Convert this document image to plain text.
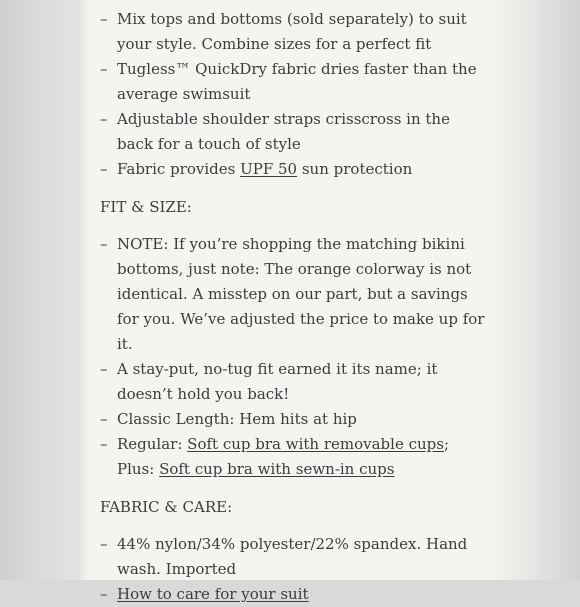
– Mix tops and bottoms (sold separately) to suit your style. Combine sizes for a perfect fit
– Tugless™ QuickDry fabric dries faster than the average swimsuit
– Adjustable shoulder straps crisscross in the back for a touch of style
– Fabric provides UPF 50 sun protection
FIT & SIZE:
– NOTE: If you’re shopping the matching bikini bottoms, just note: The orange colorway is not identical. A misstep on our part, but a savings for you. We’ve adjusted the price to make up for it.
– A stay-put, no-tug fit earned it its name; it doesn’t hold you back!
– Classic Length: Hem hits at hip
– Regular: Soft cup bra with removable cups; Plus: Soft cup bra with sewn-in cups
FABRIC & CARE:
– 44% nylon/34% polyester/22% spandex. Hand wash. Imported
– How to care for your suit
